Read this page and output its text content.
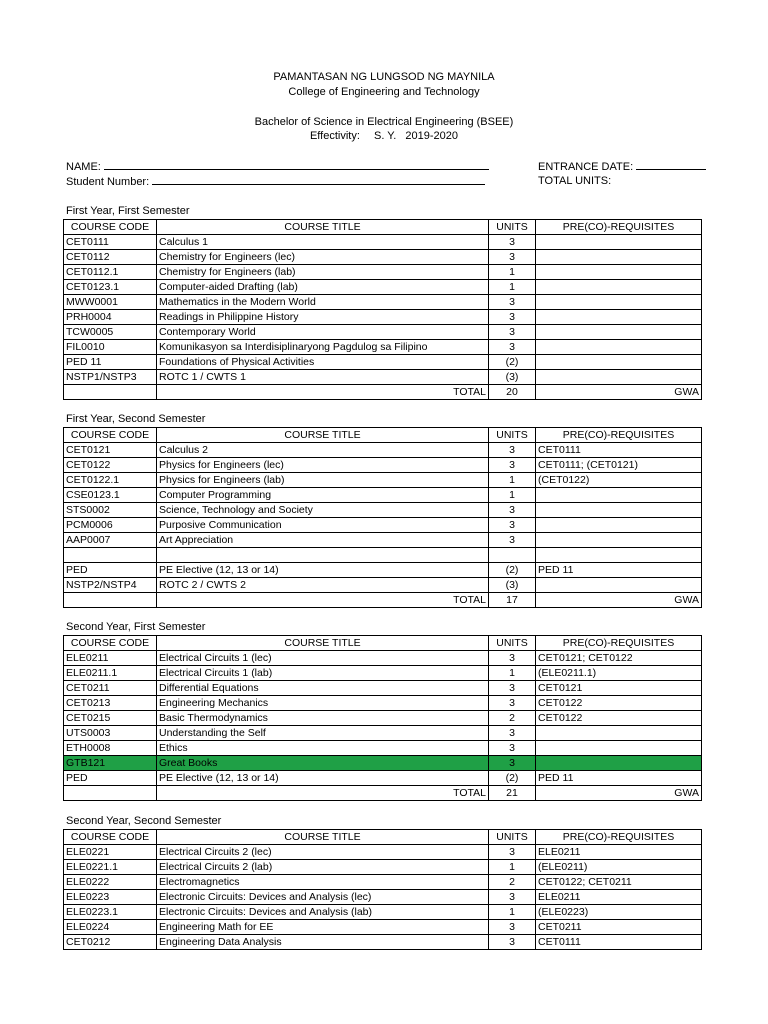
PAMANTASAN NG LUNGSOD NG MAYNILA
College of Engineering and Technology
Bachelor of Science in Electrical Engineering (BSEE)
Effectivity: S. Y.   2019-2020
NAME:
Student Number:
ENTRANCE DATE:
TOTAL UNITS:
First Year, First Semester
COURSE CODE	COURSE TITLE	UNITS	PRE(CO)-REQUISITES
CET0111	Calculus 1	3	
CET0112	Chemistry for Engineers (lec)	3	
CET0112.1	Chemistry for Engineers (lab)	1	
CET0123.1	Computer-aided Drafting (lab)	1	
MWW0001	Mathematics in the Modern World	3	
PRH0004	Readings in Philippine History	3	
TCW0005	Contemporary World	3	
FIL0010	Komunikasyon sa Interdisiplinaryong Pagdulog sa Filipino	3	
PED 11	Foundations of Physical Activities	(2)	
NSTP1/NSTP3	ROTC 1 / CWTS 1	(3)	
	TOTAL	20	GWA
First Year, Second Semester
COURSE CODE	COURSE TITLE	UNITS	PRE(CO)-REQUISITES
CET0121	Calculus 2	3	CET0111
CET0122	Physics for Engineers (lec)	3	CET0111; (CET0121)
CET0122.1	Physics for Engineers (lab)	1	(CET0122)
CSE0123.1	Computer Programming	1	
STS0002	Science, Technology and Society	3	
PCM0006	Purposive Communication	3	
AAP0007	Art Appreciation	3	

PED	PE Elective (12, 13 or 14)	(2)	PED 11
NSTP2/NSTP4	ROTC 2 / CWTS 2	(3)	
	TOTAL	17	GWA
Second Year, First Semester
COURSE CODE	COURSE TITLE	UNITS	PRE(CO)-REQUISITES
ELE0211	Electrical Circuits 1 (lec)	3	CET0121; CET0122
ELE0211.1	Electrical Circuits 1 (lab)	1	(ELE0211.1)
CET0211	Differential Equations	3	CET0121
CET0213	Engineering Mechanics	3	CET0122
CET0215	Basic Thermodynamics	2	CET0122
UTS0003	Understanding the Self	3	
ETH0008	Ethics	3	
GTB121	Great Books	3	
PED	PE Elective (12, 13 or 14)	(2)	PED 11
	TOTAL	21	GWA
Second Year, Second Semester
COURSE CODE	COURSE TITLE	UNITS	PRE(CO)-REQUISITES
ELE0221	Electrical Circuits 2 (lec)	3	ELE0211
ELE0221.1	Electrical Circuits 2 (lab)	1	(ELE0211)
ELE0222	Electromagnetics	2	CET0122; CET0211
ELE0223	Electronic Circuits: Devices and Analysis (lec)	3	ELE0211
ELE0223.1	Electronic Circuits: Devices and Analysis (lab)	1	(ELE0223)
ELE0224	Engineering Math for EE	3	CET0211
CET0212	Engineering Data Analysis	3	CET0111
